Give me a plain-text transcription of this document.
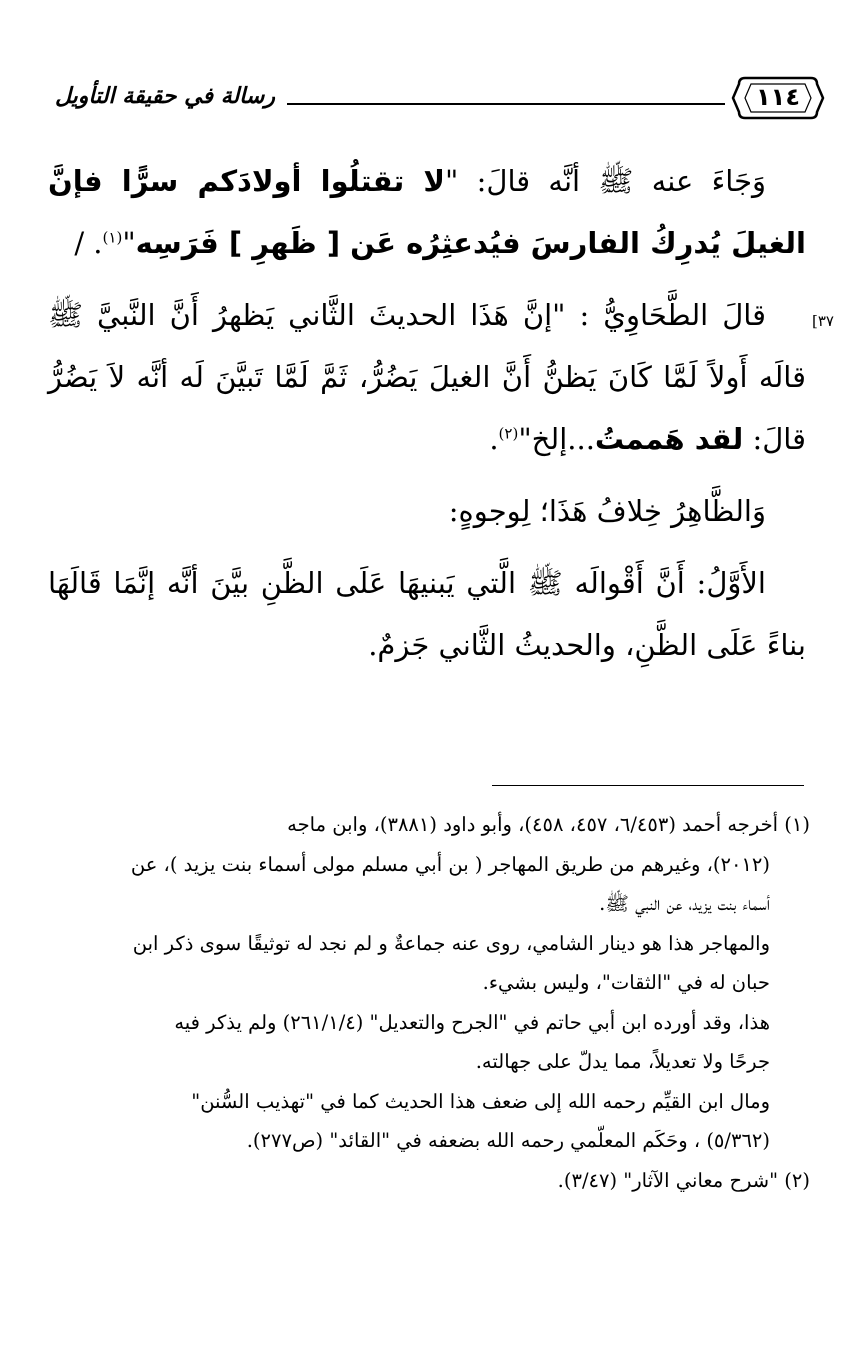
رسالة في حقيقة التأويل	١١٤
٣٧]

وَجَاءَ عنه ﷺ أنَّه قالَ: "لا تقتلُوا أولادَكم سرًّا فإنَّ الغيلَ يُدرِكُ الفارسَ فيُدعثِرُه عَن [ ظَهرِ ] فَرَسِه"$^{(١)}$. /

قالَ الطَّحَاوِيُّ : "إنَّ هَذَا الحديثَ الثَّاني يَظهرُ أَنَّ النَّبيَّ ﷺ قالَه أَولاً لَمَّا كَانَ يَظنُّ أَنَّ الغيلَ يَضُرُّ، ثَمَّ لَمَّا تَبيَّنَ لَه أنَّه لاَ يَضُرُّ قالَ: لقد هَممتُ...إلخ"$^{(٢)}$.

وَالظَّاهِرُ خِلافُ هَذَا؛ لِوجوهٍ:

الأَوَّلُ: أَنَّ أَقْوالَه ﷺ الَّتي يَبنيهَا عَلَى الظَّنِ بيَّنَ أنَّه إنَّمَا قَالَهَا بناءً عَلَى الظَّنِ، والحديثُ الثَّاني جَزمٌ.

(١) أخرجه أحمد (٦/٤٥٣، ٤٥٧، ٤٥٨)، وأبو داود (٣٨٨١)، وابن ماجه
(٢٠١٢)، وغيرهم من طريق المهاجر ( بن أبي مسلم مولى أسماء بنت يزيد )، عن
أسماء بنت يزيد، عن النبي ﷺ.
والمهاجر هذا هو دينار الشامي، روى عنه جماعةٌ و لم نجد له توثيقًا سوى ذكر ابن
حبان له في "الثقات"، وليس بشيء.
هذا، وقد أورده ابن أبي حاتم في "الجرح والتعديل" (٢٦١/١/٤) ولم يذكر فيه
جرحًا ولا تعديلاً، مما يدلّ على جهالته.
ومال ابن القيِّم رحمه الله إلى ضعف هذا الحديث كما في "تهذيب السُّنن"
(٥/٣٦٢) ، وحَكَم المعلّمي رحمه الله بضعفه في "القائد" (ص٢٧٧).
(٢) "شرح معاني الآثار" (٣/٤٧).
